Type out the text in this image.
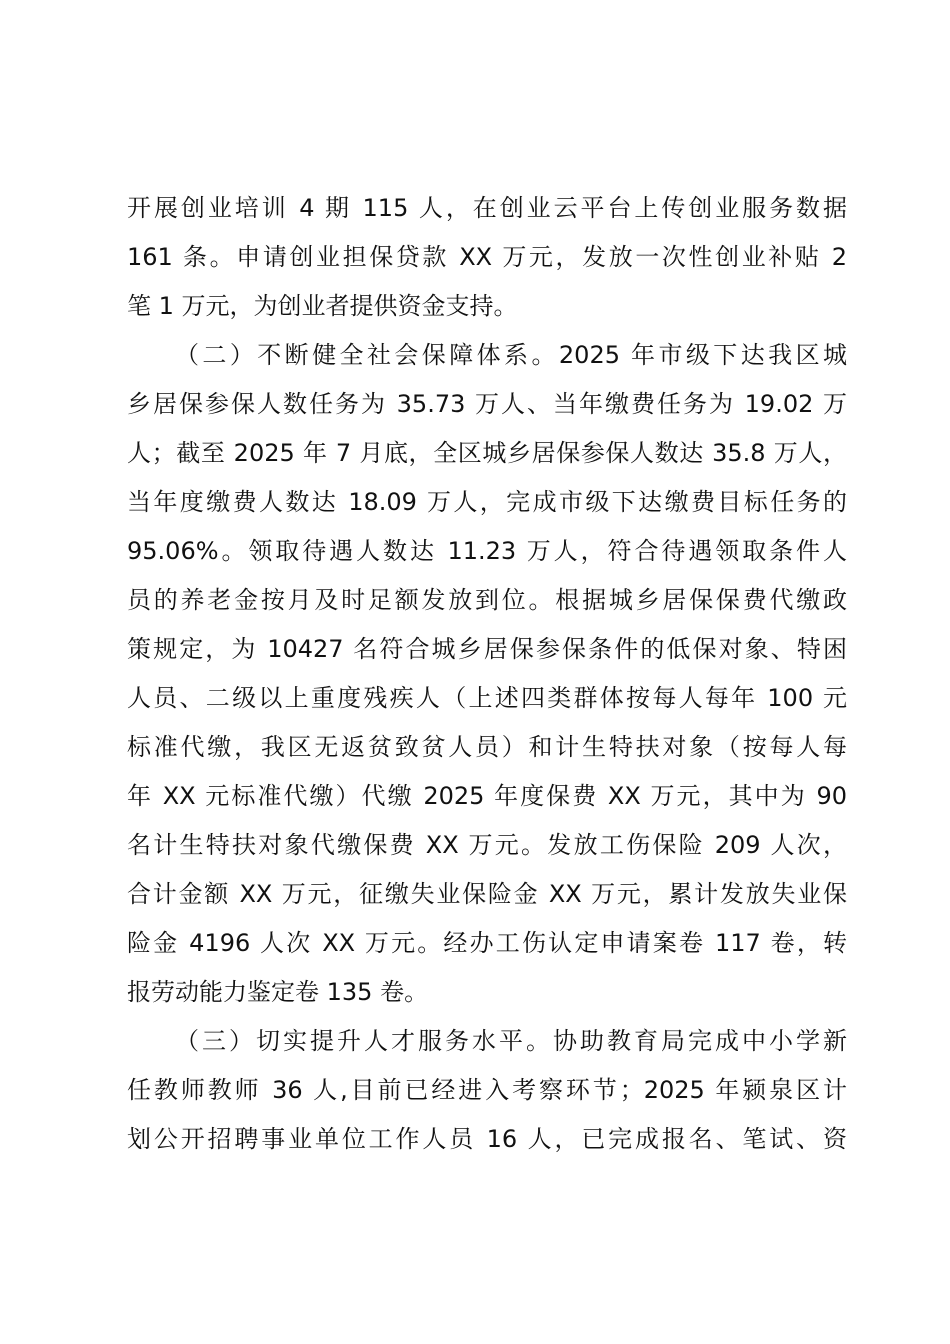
开展创业培训 4 期 115 人，在创业云平台上传创业服务数据
161 条。申请创业担保贷款 XX 万元，发放一次性创业补贴 2
笔 1 万元，为创业者提供资金支持。
（二）不断健全社会保障体系。2025 年市级下达我区城
乡居保参保人数任务为 35.73 万人、当年缴费任务为 19.02 万
人；截至 2025 年 7 月底，全区城乡居保参保人数达 35.8 万人，
当年度缴费人数达 18.09 万人，完成市级下达缴费目标任务的
95.06%。领取待遇人数达 11.23 万人，符合待遇领取条件人
员的养老金按月及时足额发放到位。根据城乡居保保费代缴政
策规定，为 10427 名符合城乡居保参保条件的低保对象、特困
人员、二级以上重度残疾人（上述四类群体按每人每年 100 元
标准代缴，我区无返贫致贫人员）和计生特扶对象（按每人每
年 XX 元标准代缴）代缴 2025 年度保费 XX 万元，其中为 90
名计生特扶对象代缴保费 XX 万元。发放工伤保险 209 人次，
合计金额 XX 万元，征缴失业保险金 XX 万元，累计发放失业保
险金 4196 人次 XX 万元。经办工伤认定申请案卷 117 卷，转
报劳动能力鉴定卷 135 卷。
（三）切实提升人才服务水平。协助教育局完成中小学新
任教师教师 36 人,目前已经进入考察环节；2025 年颍泉区计
划公开招聘事业单位工作人员 16 人，已完成报名、笔试、资
